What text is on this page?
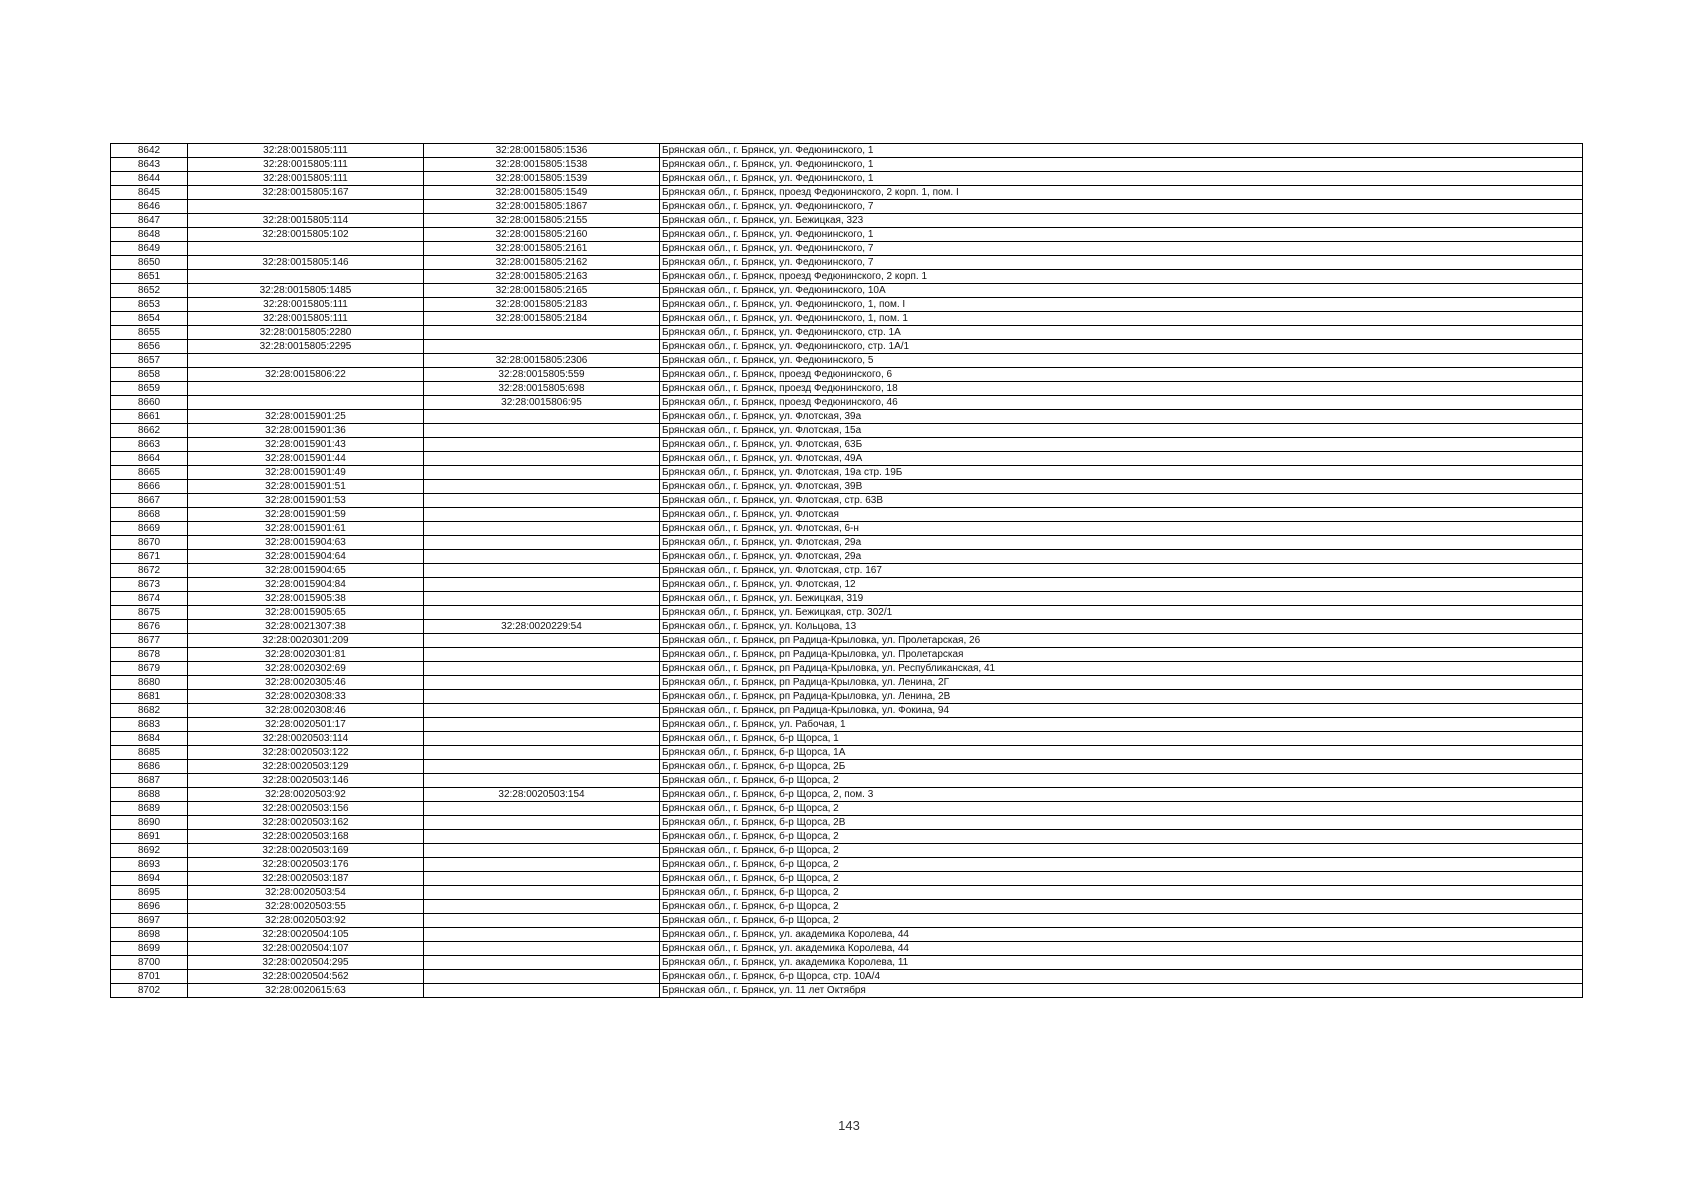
8642	32:28:0015805:111	32:28:0015805:1536	Брянская обл., г. Брянск, ул. Федюнинского, 1
8643	32:28:0015805:111	32:28:0015805:1538	Брянская обл., г. Брянск, ул. Федюнинского, 1
8644	32:28:0015805:111	32:28:0015805:1539	Брянская обл., г. Брянск, ул. Федюнинского, 1
8645	32:28:0015805:167	32:28:0015805:1549	Брянская обл., г. Брянск, проезд Федюнинского, 2 корп. 1, пом. I
8646		32:28:0015805:1867	Брянская обл., г. Брянск, ул. Федюнинского, 7
8647	32:28:0015805:114	32:28:0015805:2155	Брянская обл., г. Брянск, ул. Бежицкая, 323
8648	32:28:0015805:102	32:28:0015805:2160	Брянская обл., г. Брянск, ул. Федюнинского, 1
8649		32:28:0015805:2161	Брянская обл., г. Брянск, ул. Федюнинского, 7
8650	32:28:0015805:146	32:28:0015805:2162	Брянская обл., г. Брянск, ул. Федюнинского, 7
8651		32:28:0015805:2163	Брянская обл., г. Брянск, проезд Федюнинского, 2 корп. 1
8652	32:28:0015805:1485	32:28:0015805:2165	Брянская обл., г. Брянск, ул. Федюнинского, 10А
8653	32:28:0015805:111	32:28:0015805:2183	Брянская обл., г. Брянск, ул. Федюнинского, 1, пом. I
8654	32:28:0015805:111	32:28:0015805:2184	Брянская обл., г. Брянск, ул. Федюнинского, 1, пом. 1
8655	32:28:0015805:2280		Брянская обл., г. Брянск, ул. Федюнинского, стр. 1А
8656	32:28:0015805:2295		Брянская обл., г. Брянск, ул. Федюнинского, стр. 1А/1
8657		32:28:0015805:2306	Брянская обл., г. Брянск, ул. Федюнинского, 5
8658	32:28:0015806:22	32:28:0015805:559	Брянская обл., г. Брянск, проезд Федюнинского, 6
8659		32:28:0015805:698	Брянская обл., г. Брянск, проезд Федюнинского, 18
8660		32:28:0015806:95	Брянская обл., г. Брянск, проезд Федюнинского, 46
8661	32:28:0015901:25		Брянская обл., г. Брянск, ул. Флотская, 39а
8662	32:28:0015901:36		Брянская обл., г. Брянск, ул. Флотская, 15а
8663	32:28:0015901:43		Брянская обл., г. Брянск, ул. Флотская, 63Б
8664	32:28:0015901:44		Брянская обл., г. Брянск, ул. Флотская, 49А
8665	32:28:0015901:49		Брянская обл., г. Брянск, ул. Флотская, 19а стр. 19Б
8666	32:28:0015901:51		Брянская обл., г. Брянск, ул. Флотская, 39В
8667	32:28:0015901:53		Брянская обл., г. Брянск, ул. Флотская, стр. 63В
8668	32:28:0015901:59		Брянская обл., г. Брянск, ул. Флотская
8669	32:28:0015901:61		Брянская обл., г. Брянск, ул. Флотская, 6-н
8670	32:28:0015904:63		Брянская обл., г. Брянск, ул. Флотская, 29а
8671	32:28:0015904:64		Брянская обл., г. Брянск, ул. Флотская, 29а
8672	32:28:0015904:65		Брянская обл., г. Брянск, ул. Флотская, стр. 167
8673	32:28:0015904:84		Брянская обл., г. Брянск, ул. Флотская, 12
8674	32:28:0015905:38		Брянская обл., г. Брянск, ул. Бежицкая, 319
8675	32:28:0015905:65		Брянская обл., г. Брянск, ул. Бежицкая, стр. 302/1
8676	32:28:0021307:38	32:28:0020229:54	Брянская обл., г. Брянск, ул. Кольцова, 13
8677	32:28:0020301:209		Брянская обл., г. Брянск, рп Радица-Крыловка, ул. Пролетарская, 26
8678	32:28:0020301:81		Брянская обл., г. Брянск, рп Радица-Крыловка, ул. Пролетарская
8679	32:28:0020302:69		Брянская обл., г. Брянск, рп Радица-Крыловка, ул. Республиканская, 41
8680	32:28:0020305:46		Брянская обл., г. Брянск, рп Радица-Крыловка, ул. Ленина, 2Г
8681	32:28:0020308:33		Брянская обл., г. Брянск, рп Радица-Крыловка, ул. Ленина, 2В
8682	32:28:0020308:46		Брянская обл., г. Брянск, рп Радица-Крыловка, ул. Фокина, 94
8683	32:28:0020501:17		Брянская обл., г. Брянск, ул. Рабочая, 1
8684	32:28:0020503:114		Брянская обл., г. Брянск, б-р Щорса, 1
8685	32:28:0020503:122		Брянская обл., г. Брянск, б-р Щорса, 1А
8686	32:28:0020503:129		Брянская обл., г. Брянск, б-р Щорса, 2Б
8687	32:28:0020503:146		Брянская обл., г. Брянск, б-р Щорса, 2
8688	32:28:0020503:92	32:28:0020503:154	Брянская обл., г. Брянск, б-р Щорса, 2, пом. 3
8689	32:28:0020503:156		Брянская обл., г. Брянск, б-р Щорса, 2
8690	32:28:0020503:162		Брянская обл., г. Брянск, б-р Щорса, 2В
8691	32:28:0020503:168		Брянская обл., г. Брянск, б-р Щорса, 2
8692	32:28:0020503:169		Брянская обл., г. Брянск, б-р Щорса, 2
8693	32:28:0020503:176		Брянская обл., г. Брянск, б-р Щорса, 2
8694	32:28:0020503:187		Брянская обл., г. Брянск, б-р Щорса, 2
8695	32:28:0020503:54		Брянская обл., г. Брянск, б-р Щорса, 2
8696	32:28:0020503:55		Брянская обл., г. Брянск, б-р Щорса, 2
8697	32:28:0020503:92		Брянская обл., г. Брянск, б-р Щорса, 2
8698	32:28:0020504:105		Брянская обл., г. Брянск, ул. академика Королева, 44
8699	32:28:0020504:107		Брянская обл., г. Брянск, ул. академика Королева, 44
8700	32:28:0020504:295		Брянская обл., г. Брянск, ул. академика Королева, 11
8701	32:28:0020504:562		Брянская обл., г. Брянск, б-р Щорса, стр. 10А/4
8702	32:28:0020615:63		Брянская обл., г. Брянск, ул. 11 лет Октября
143
